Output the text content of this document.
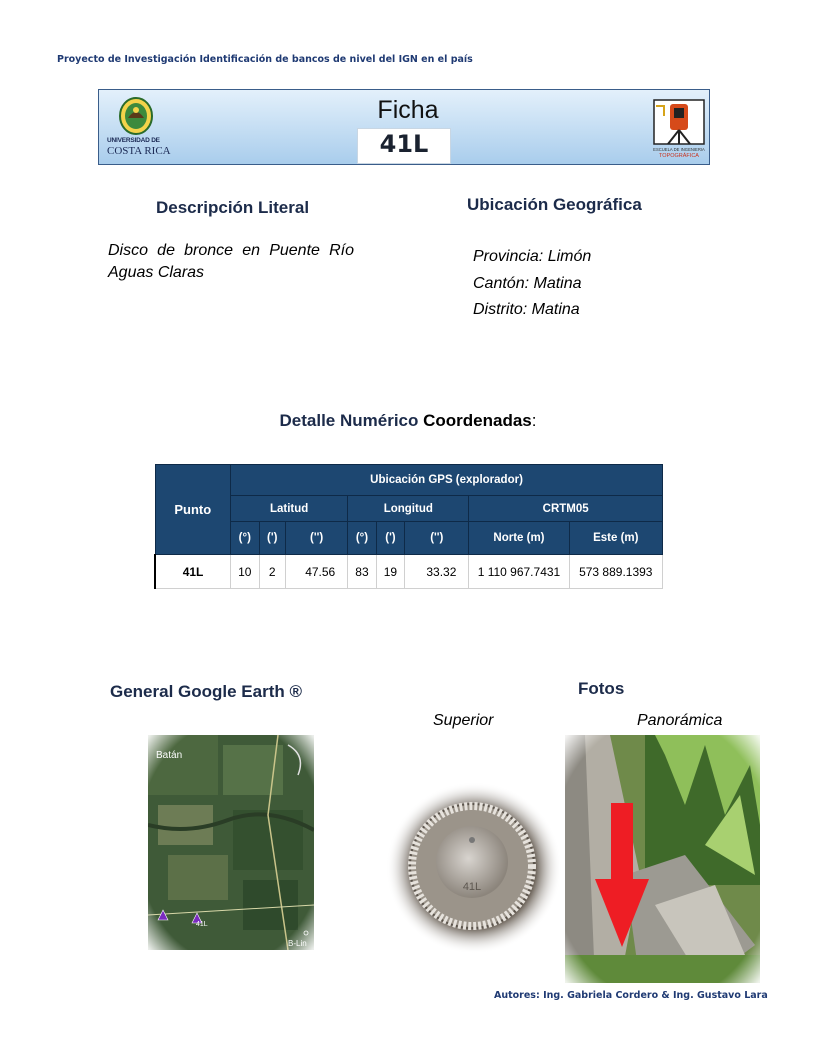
Proyecto de Investigación Identificación de bancos de nivel del IGN en el país
UNIVERSIDAD DE
COSTA RICA
Ficha
41L	ESCUELA DE INGENIERIA
TOPOGRÁFICA
Descripción Literal	Ubicación Geográfica
Disco de bronce en Puente Río Aguas Claras
Provincia: Limón
Cantón: Matina
Distrito: Matina
Detalle Numérico Coordenadas:
Punto	Ubicación GPS (explorador)							
	Latitud			Longitud			CRTM05	
	(°)	(')	('')	(°)	(')	('')	Norte (m)	Este (m)
41L	10	2	47.56	83	19	33.32	1 110 967.7431	573 889.1393
General Google Earth ®	Fotos
Superior	Panorámica
41L
Autores: Ing. Gabriela Cordero & Ing. Gustavo Lara
